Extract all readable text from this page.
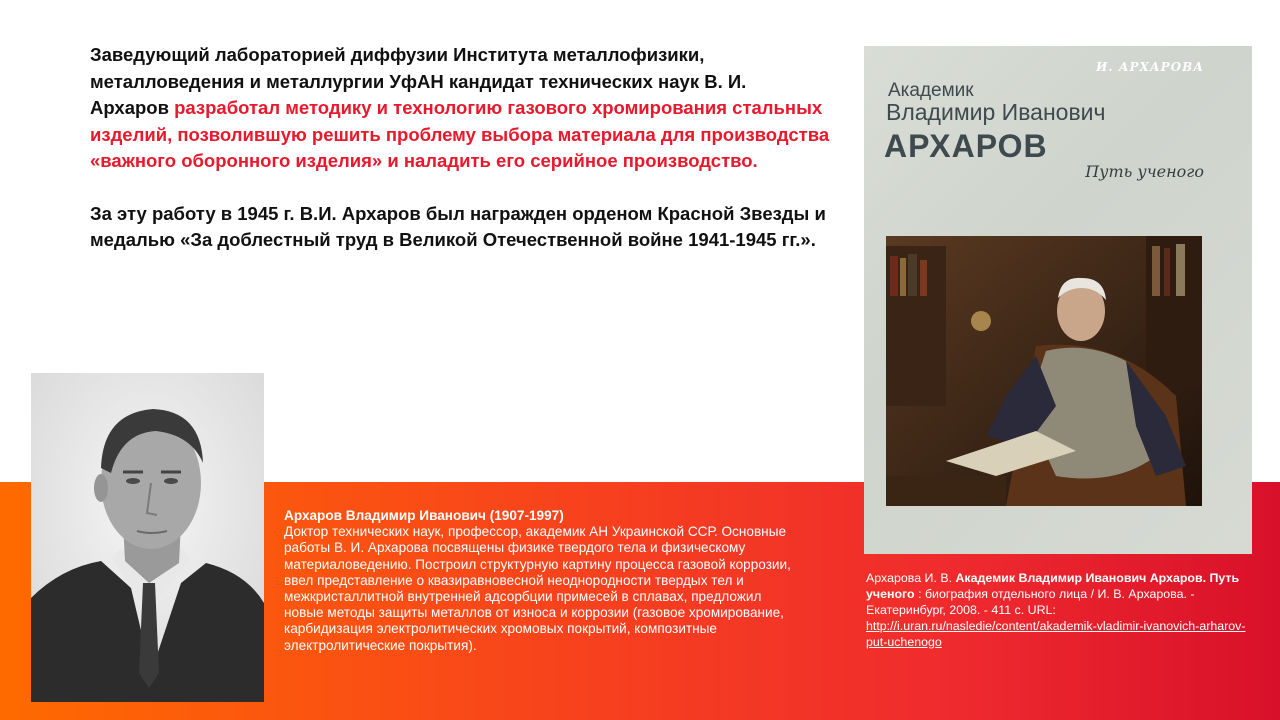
Заведующий лабораторией диффузии Института металлофизики, металловедения и металлургии УфАН кандидат технических наук В. И. Архаров разработал методику и технологию газового хромирования стальных изделий, позволившую решить проблему выбора материала для производства «важного оборонного изделия» и наладить его серийное производство.

За эту работу в 1945 г. В.И. Архаров был награжден орденом Красной Звезды и медалью «За доблестный труд в Великой Отечественной войне 1941-1945 гг.».

И. АРХАРОВА
Академик
Владимир Иванович
АРХАРОВ
Путь ученого
Архаров Владимир Иванович (1907-1997)
Доктор технических наук, профессор, академик АН Украинской ССР. Основные работы В. И. Архарова посвящены физике твердого тела и физическому материаловедению. Построил структурную картину процесса газовой коррозии, ввел представление о квазиравновесной неоднородности твердых тел и межкристаллитной внутренней адсорбции примесей в сплавах, предложил новые методы защиты металлов от износа и коррозии (газовое хромирование, карбидизация электролитических хромовых покрытий, композитные электролитические покрытия).
Архарова И. В. Академик Владимир Иванович Архаров. Путь ученого : биография отдельного лица / И. В. Архарова. - Екатеринбург, 2008. - 411 с. URL: http://i.uran.ru/nasledie/content/akademik-vladimir-ivanovich-arharov-put-uchenogo
